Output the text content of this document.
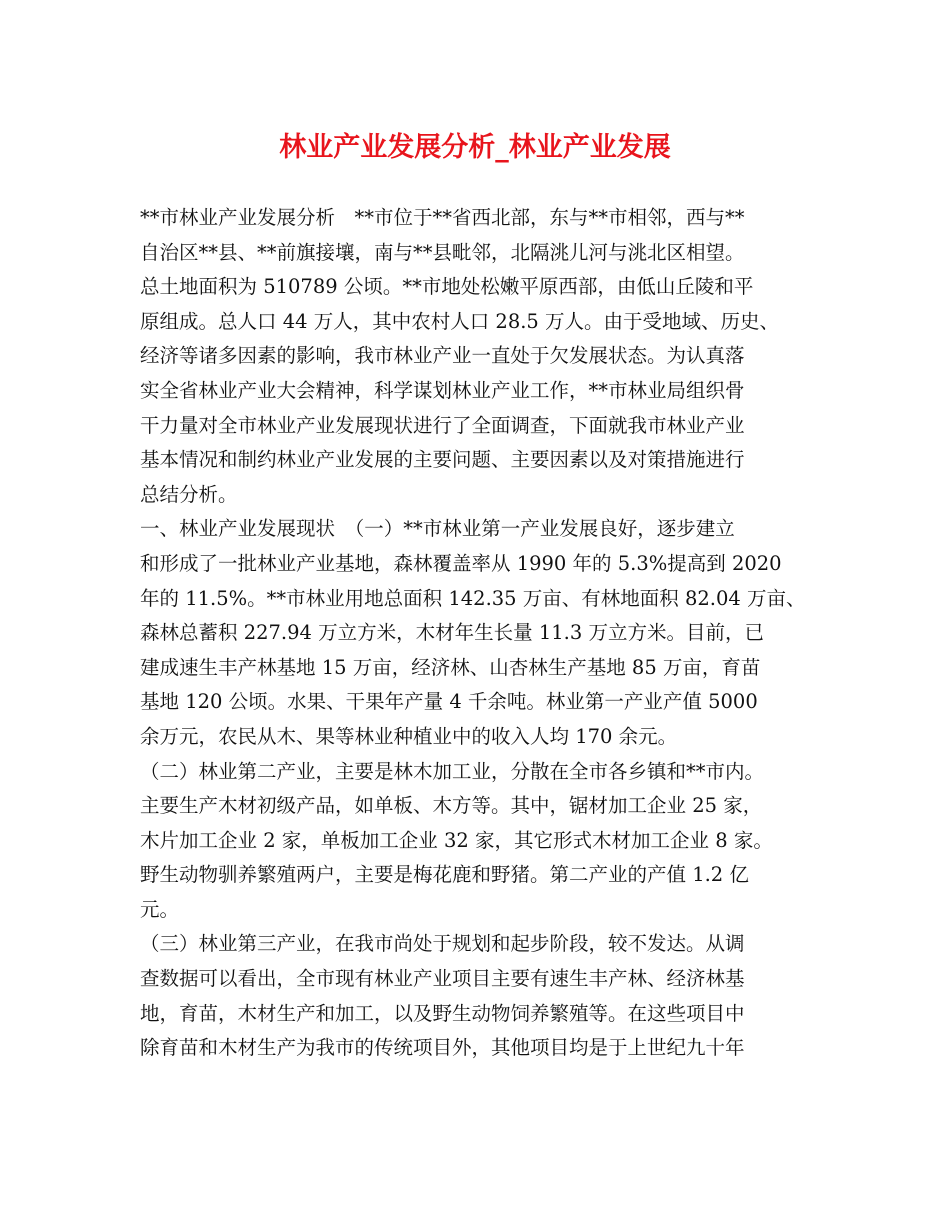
林业产业发展分析_林业产业发展
**市林业产业发展分析　**市位于**省西北部，东与**市相邻，西与**
自治区**县、**前旗接壤，南与**县毗邻，北隔洮儿河与洮北区相望。
总土地面积为 510789 公顷。**市地处松嫩平原西部，由低山丘陵和平
原组成。总人口 44 万人，其中农村人口 28.5 万人。由于受地域、历史、
经济等诸多因素的影响，我市林业产业一直处于欠发展状态。为认真落
实全省林业产业大会精神，科学谋划林业产业工作，**市林业局组织骨
干力量对全市林业产业发展现状进行了全面调查，下面就我市林业产业
基本情况和制约林业产业发展的主要问题、主要因素以及对策措施进行
总结分析。
一、林业产业发展现状　（一）**市林业第一产业发展良好，逐步建立
和形成了一批林业产业基地，森林覆盖率从 1990 年的 5.3%提高到 2020
年的 11.5%。**市林业用地总面积 142.35 万亩、有林地面积 82.04 万亩、
森林总蓄积 227.94 万立方米，木材年生长量 11.3 万立方米。目前，已
建成速生丰产林基地 15 万亩，经济林、山杏林生产基地 85 万亩，育苗
基地 120 公顷。水果、干果年产量 4 千余吨。林业第一产业产值 5000
余万元，农民从木、果等林业种植业中的收入人均 170 余元。
（二）林业第二产业，主要是林木加工业，分散在全市各乡镇和**市内。
主要生产木材初级产品，如单板、木方等。其中，锯材加工企业 25 家，
木片加工企业 2 家，单板加工企业 32 家，其它形式木材加工企业 8 家。
野生动物驯养繁殖两户，主要是梅花鹿和野猪。第二产业的产值 1.2 亿
元。
（三）林业第三产业，在我市尚处于规划和起步阶段，较不发达。从调
查数据可以看出，全市现有林业产业项目主要有速生丰产林、经济林基
地，育苗，木材生产和加工，以及野生动物饲养繁殖等。在这些项目中
除育苗和木材生产为我市的传统项目外，其他项目均是于上世纪九十年
